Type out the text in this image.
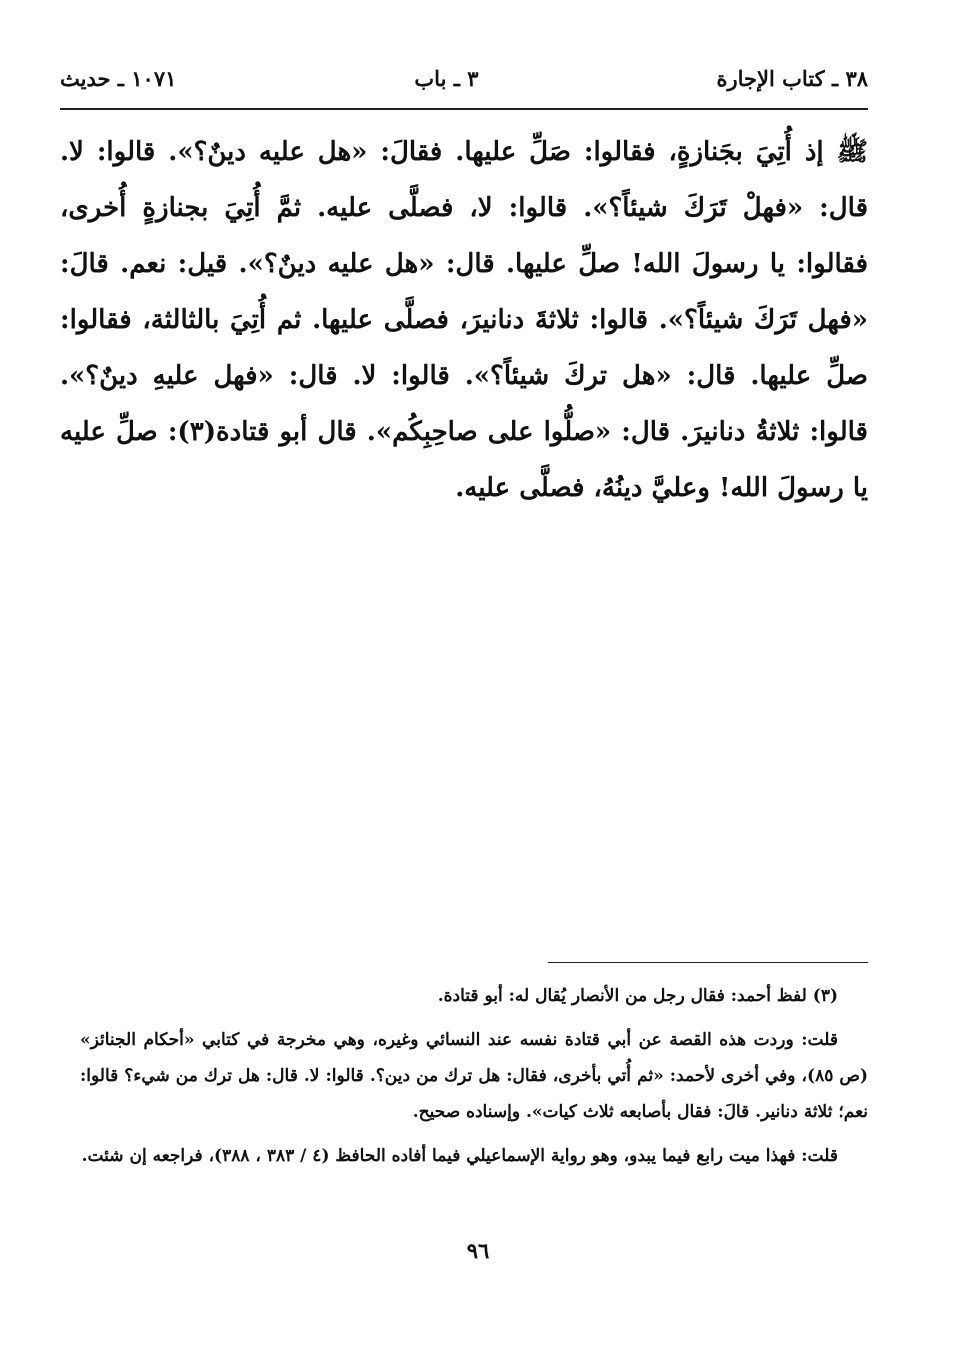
٣٨ ـ كتاب الإجارة
٣ ـ باب
١٠٧١ ـ حديث

ﷺ إذ أُتِيَ بجَنازةٍ، فقالوا: صَلِّ عليها. فقالَ: «هل عليه دينٌ؟». قالوا: لا. قال: «فهلْ تَرَكَ شيئاً؟». قالوا: لا، فصلَّى عليه. ثمَّ أُتِيَ بجنازةٍ أُخرى، فقالوا: يا رسولَ الله! صلِّ عليها. قال: «هل عليه دينٌ؟». قيل: نعم. قالَ: «فهل تَرَكَ شيئاً؟». قالوا: ثلاثةَ دنانيرَ، فصلَّى عليها. ثم أُتِيَ بالثالثة، فقالوا: صلِّ عليها. قال: «هل تركَ شيئاً؟». قالوا: لا. قال: «فهل عليهِ دينٌ؟». قالوا: ثلاثةُ دنانيرَ. قال: «صلُّوا على صاحِبِكُم». قال أبو قتادة(٣): صلِّ عليه يا رسولَ الله! وعليَّ دينُهُ، فصلَّى عليه.

(٣) لفظ أحمد: فقال رجل من الأنصار يُقال له: أبو قتادة.

قلت: وردت هذه القصة عن أبي قتادة نفسه عند النسائي وغيره، وهي مخرجة في كتابي «أحكام الجنائز» (ص ٨٥)، وفي أخرى لأحمد: «ثم أُتي بأخرى، فقال: هل ترك من دين؟. قالوا: لا. قال: هل ترك من شيء؟ قالوا: نعم؛ ثلاثة دنانير. قالَ: فقال بأصابعه ثلاث كيات». وإسناده صحيح.

قلت: فهذا ميت رابع فيما يبدو، وهو رواية الإسماعيلي فيما أفاده الحافظ (٤ / ٣٨٣ ، ٣٨٨)، فراجعه إن شئت.

٩٦
